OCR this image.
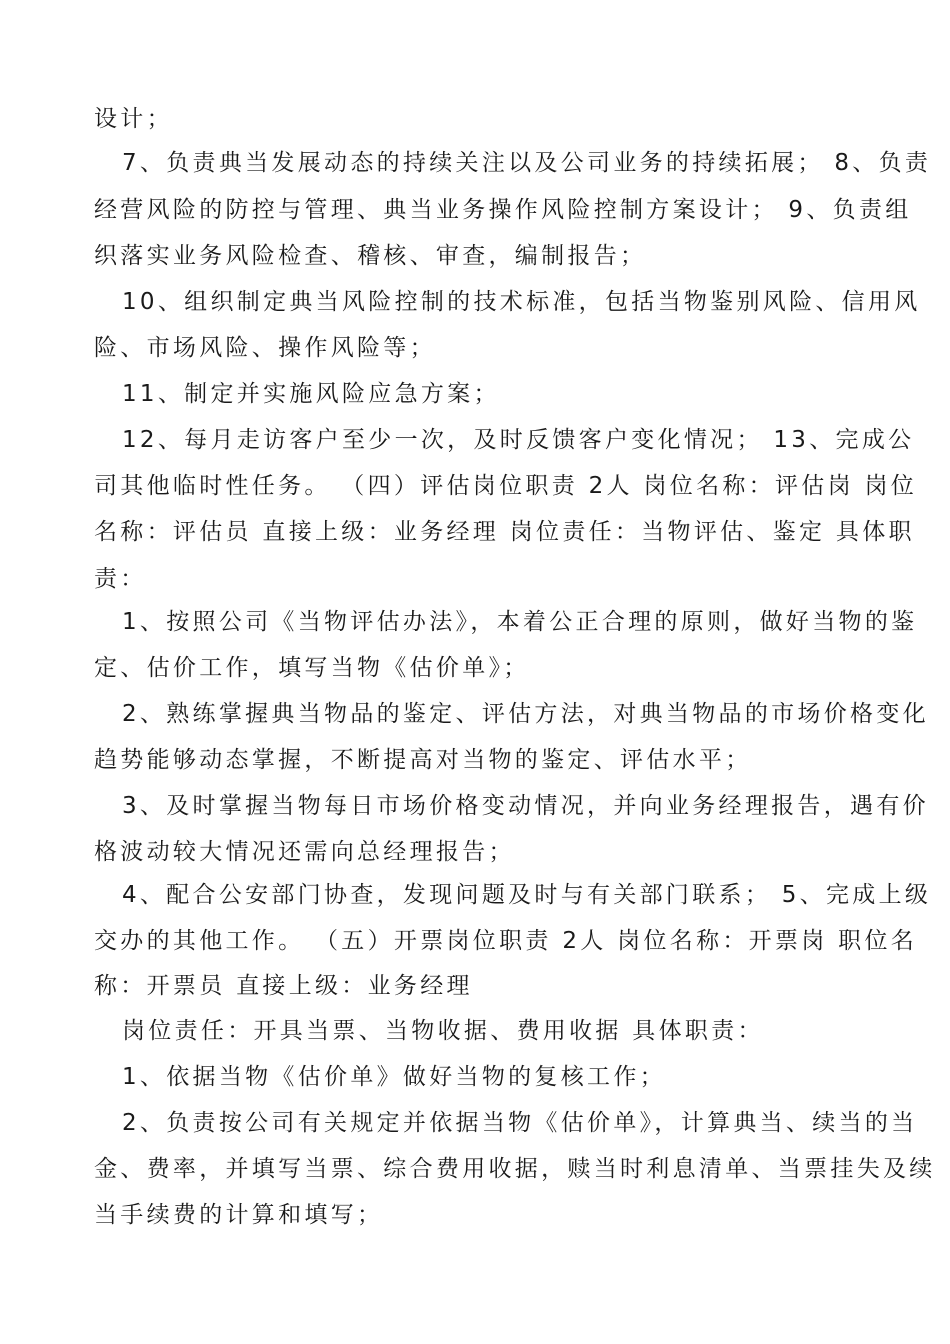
设计；
7、负责典当发展动态的持续关注以及公司业务的持续拓展； 8、负责
经营风险的防控与管理、典当业务操作风险控制方案设计； 9、负责组
织落实业务风险检查、稽核、审查，编制报告；
10、组织制定典当风险控制的技术标准，包括当物鉴别风险、信用风
险、市场风险、操作风险等；
11、制定并实施风险应急方案；
12、每月走访客户至少一次，及时反馈客户变化情况； 13、完成公
司其他临时性任务。 （四）评估岗位职责 2人 岗位名称：评估岗 岗位
名称：评估员 直接上级：业务经理 岗位责任：当物评估、鉴定 具体职
责：
1、按照公司《当物评估办法》，本着公正合理的原则，做好当物的鉴
定、估价工作，填写当物《估价单》；
2、熟练掌握典当物品的鉴定、评估方法，对典当物品的市场价格变化
趋势能够动态掌握，不断提高对当物的鉴定、评估水平；
3、及时掌握当物每日市场价格变动情况，并向业务经理报告，遇有价
格波动较大情况还需向总经理报告；
4、配合公安部门协查，发现问题及时与有关部门联系； 5、完成上级
交办的其他工作。 （五）开票岗位职责 2人 岗位名称：开票岗 职位名
称：开票员 直接上级：业务经理
岗位责任：开具当票、当物收据、费用收据 具体职责：
1、依据当物《估价单》做好当物的复核工作；
2、负责按公司有关规定并依据当物《估价单》，计算典当、续当的当
金、费率，并填写当票、综合费用收据，赎当时利息清单、当票挂失及续
当手续费的计算和填写；
